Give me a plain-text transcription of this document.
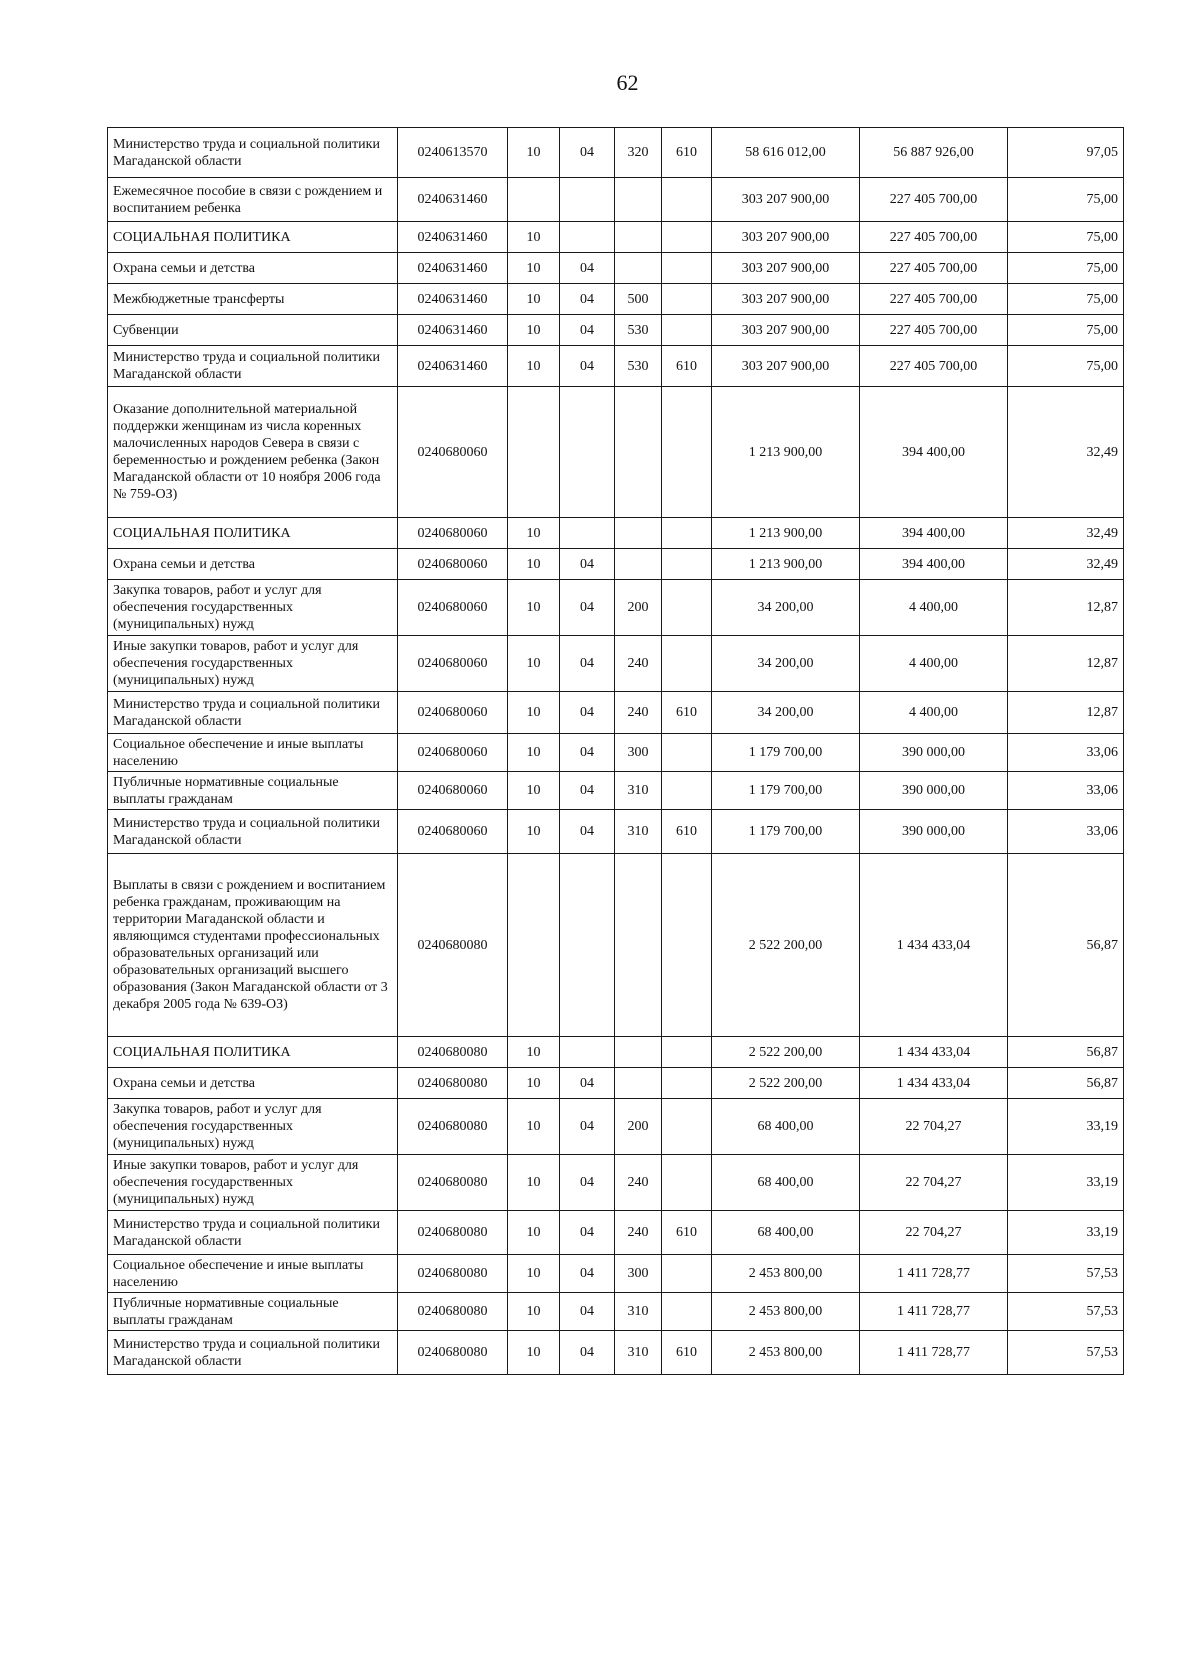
62
Министерство труда и социальной политики Магаданской области	0240613570	10	04	320	610	58 616 012,00	56 887 926,00	97,05
Ежемесячное пособие в связи с рождением и воспитанием ребенка	0240631460					303 207 900,00	227 405 700,00	75,00
СОЦИАЛЬНАЯ ПОЛИТИКА	0240631460	10				303 207 900,00	227 405 700,00	75,00
Охрана семьи и детства	0240631460	10	04			303 207 900,00	227 405 700,00	75,00
Межбюджетные трансферты	0240631460	10	04	500		303 207 900,00	227 405 700,00	75,00
Субвенции	0240631460	10	04	530		303 207 900,00	227 405 700,00	75,00
Министерство труда и социальной политики Магаданской области	0240631460	10	04	530	610	303 207 900,00	227 405 700,00	75,00
Оказание дополнительной материальной поддержки женщинам из числа коренных малочисленных народов Севера в связи с беременностью и рождением ребенка (Закон Магаданской области от 10 ноября 2006 года № 759-ОЗ)	0240680060					1 213 900,00	394 400,00	32,49
СОЦИАЛЬНАЯ ПОЛИТИКА	0240680060	10				1 213 900,00	394 400,00	32,49
Охрана семьи и детства	0240680060	10	04			1 213 900,00	394 400,00	32,49
Закупка товаров, работ и услуг для обеспечения государственных (муниципальных) нужд	0240680060	10	04	200		34 200,00	4 400,00	12,87
Иные закупки товаров, работ и услуг для обеспечения государственных (муниципальных) нужд	0240680060	10	04	240		34 200,00	4 400,00	12,87
Министерство труда и социальной политики Магаданской области	0240680060	10	04	240	610	34 200,00	4 400,00	12,87
Социальное обеспечение и иные выплаты населению	0240680060	10	04	300		1 179 700,00	390 000,00	33,06
Публичные нормативные социальные выплаты гражданам	0240680060	10	04	310		1 179 700,00	390 000,00	33,06
Министерство труда и социальной политики Магаданской области	0240680060	10	04	310	610	1 179 700,00	390 000,00	33,06
Выплаты в связи с рождением и воспитанием ребенка гражданам, проживающим на территории Магаданской области и являющимся студентами профессиональных образовательных организаций или образовательных организаций высшего образования (Закон Магаданской области от 3 декабря 2005 года № 639-ОЗ)	0240680080					2 522 200,00	1 434 433,04	56,87
СОЦИАЛЬНАЯ ПОЛИТИКА	0240680080	10				2 522 200,00	1 434 433,04	56,87
Охрана семьи и детства	0240680080	10	04			2 522 200,00	1 434 433,04	56,87
Закупка товаров, работ и услуг для обеспечения государственных (муниципальных) нужд	0240680080	10	04	200		68 400,00	22 704,27	33,19
Иные закупки товаров, работ и услуг для обеспечения государственных (муниципальных) нужд	0240680080	10	04	240		68 400,00	22 704,27	33,19
Министерство труда и социальной политики Магаданской области	0240680080	10	04	240	610	68 400,00	22 704,27	33,19
Социальное обеспечение и иные выплаты населению	0240680080	10	04	300		2 453 800,00	1 411 728,77	57,53
Публичные нормативные социальные выплаты гражданам	0240680080	10	04	310		2 453 800,00	1 411 728,77	57,53
Министерство труда и социальной политики Магаданской области	0240680080	10	04	310	610	2 453 800,00	1 411 728,77	57,53
